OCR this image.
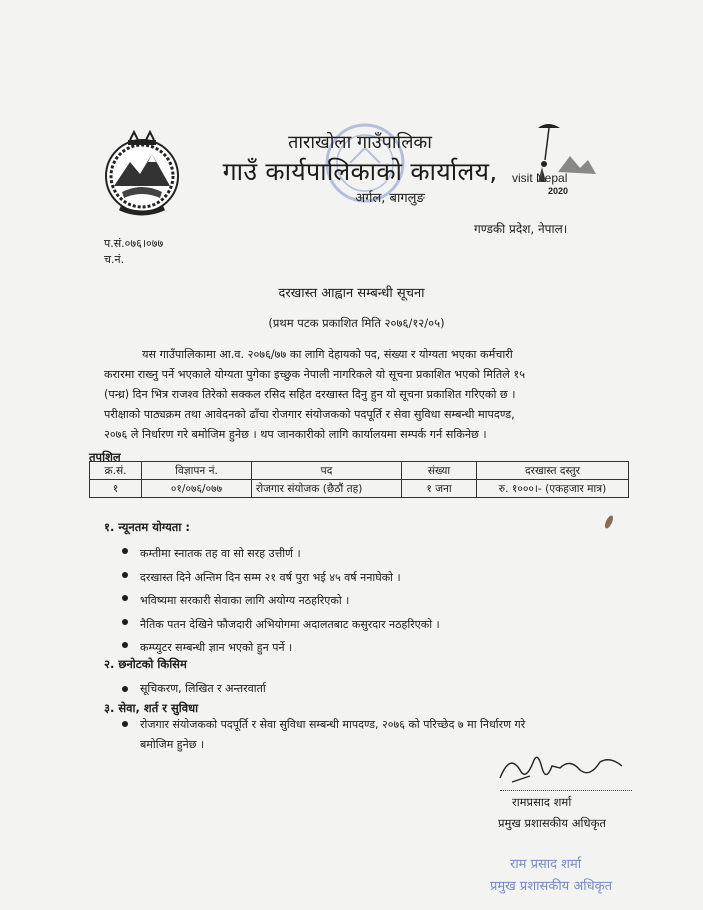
ताराखोला गाउँपालिका
गाउँ कार्यपालिकाको कार्यालय,
अर्गल, बागलुङ
visit Nepal
2020
गण्डकी प्रदेश, नेपाल।
प.सं.०७६।०७७
च.नं.
दरखास्त आह्वान सम्बन्धी सूचना
(प्रथम पटक प्रकाशित मिति २०७६/१२/०५)
यस गाउँपालिकामा आ.व. २०७६/७७ का लागि देहायको पद, संख्या र योग्यता भएका कर्मचारी
करारमा राख्नु पर्ने भएकाले योग्यता पुगेका इच्छुक नेपाली नागरिकले यो सूचना प्रकाशित भएको मितिले १५
(पन्ध्र) दिन भित्र राजश्व तिरेको सक्कल रसिद सहित दरखास्त दिनु हुन यो सूचना प्रकाशित गरिएको छ ।
परीक्षाको पाठ्यक्रम तथा आवेदनको ढाँचा रोजगार संयोजकको पदपूर्ति र सेवा सुविधा सम्बन्धी मापदण्ड,
२०७६ ले निर्धारण गरे बमोजिम हुनेछ । थप जानकारीको लागि कार्यालयमा सम्पर्क गर्न सकिनेछ ।
तपशिल
क्र.सं.	विज्ञापन नं.	पद	संख्या	दरखास्त दस्तुर
१	०१/०७६/०७७	रोजगार संयोजक (छैठौं तह)	१ जना	रु. १०००।- (एकहजार मात्र)
१. न्यूनतम योग्यता :
कम्तीमा स्नातक तह वा सो सरह उत्तीर्ण ।
दरखास्त दिने अन्तिम दिन सम्म २१ वर्ष पुरा भई ४५ वर्ष ननाघेको ।
भविष्यमा सरकारी सेवाका लागि अयोग्य नठहरिएको ।
नैतिक पतन देखिने फौजदारी अभियोगमा अदालतबाट कसुरदार नठहरिएको ।
कम्प्युटर सम्बन्धी ज्ञान भएको हुन पर्ने ।
२. छनोटको किसिम
सूचिकरण, लिखित र अन्तरवार्ता
३. सेवा, शर्त र सुविधा
रोजगार संयोजकको पदपूर्ति र सेवा सुविधा सम्बन्धी मापदण्ड, २०७६ को परिच्छेद ७ मा निर्धारण गरे
बमोजिम हुनेछ ।
रामप्रसाद शर्मा
प्रमुख प्रशासकीय अधिकृत
राम प्रसाद शर्मा
प्रमुख प्रशासकीय अधिकृत
